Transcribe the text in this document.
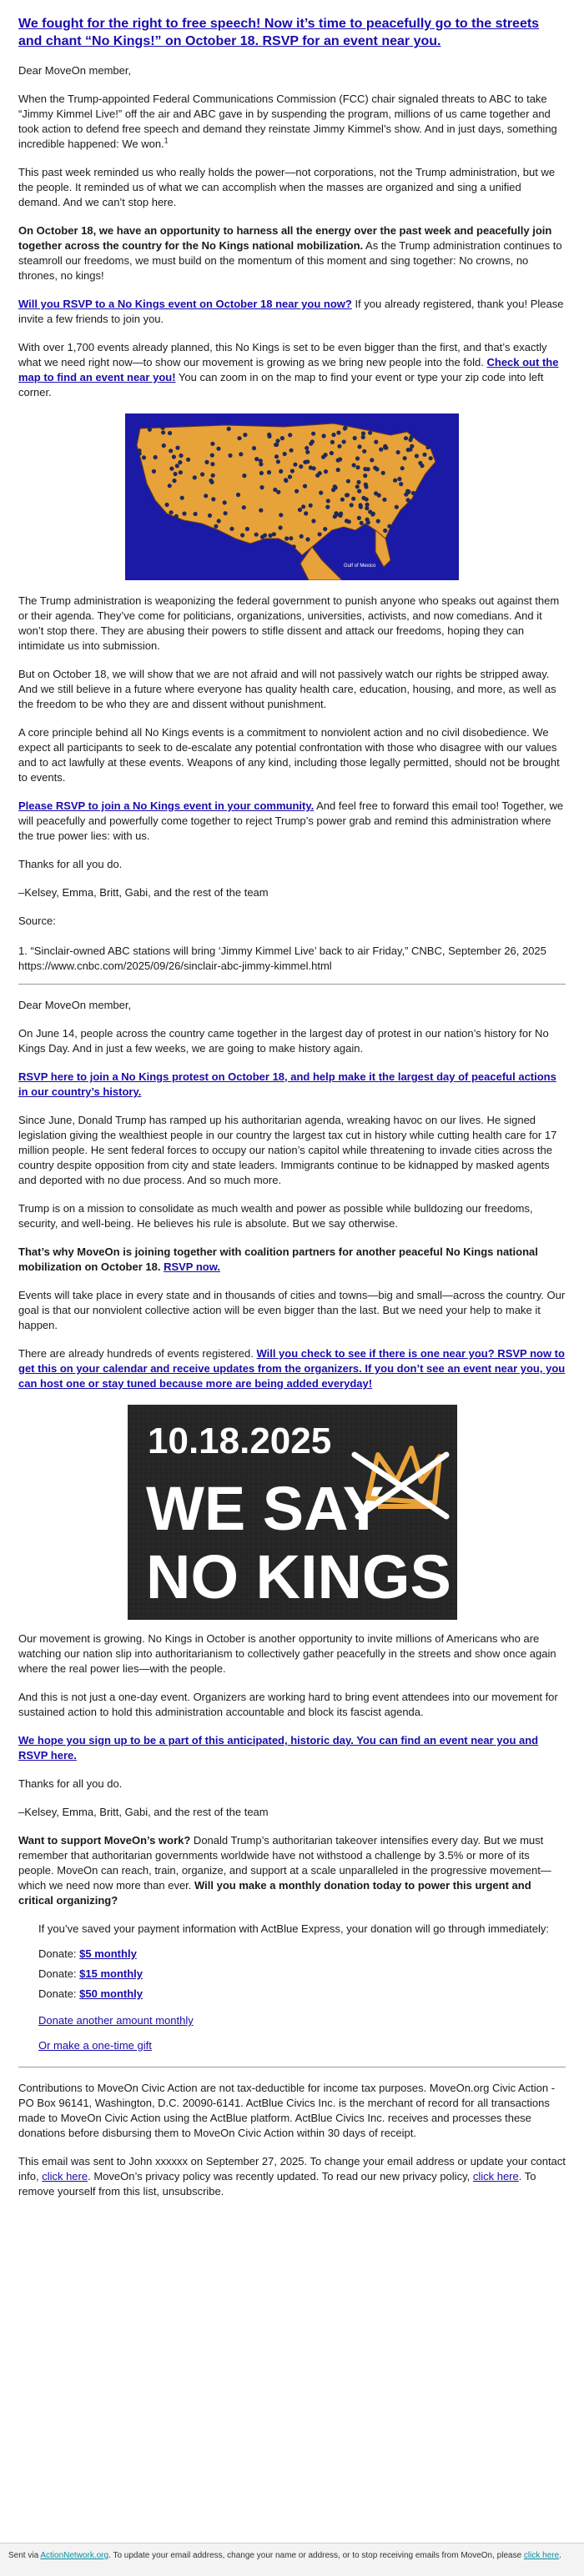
We fought for the right to free speech! Now it’s time to peacefully go to the streets and chant “No Kings!” on October 18. RSVP for an event near you.

Dear MoveOn member,

When the Trump-appointed Federal Communications Commission (FCC) chair signaled threats to ABC to take “Jimmy Kimmel Live!” off the air and ABC gave in by suspending the program, millions of us came together and took action to defend free speech and demand they reinstate Jimmy Kimmel’s show. And in just days, something incredible happened: We won.$^1$

This past week reminded us who really holds the power—not corporations, not the Trump administration, but we the people. It reminded us of what we can accomplish when the masses are organized and sing a unified demand. And we can’t stop here.

On October 18, we have an opportunity to harness all the energy over the past week and peacefully join together across the country for the No Kings national mobilization. As the Trump administration continues to steamroll our freedoms, we must build on the momentum of this moment and sing together: No crowns, no thrones, no kings!

Will you RSVP to a No Kings event on October 18 near you now? If you already registered, thank you! Please invite a few friends to join you.

With over 1,700 events already planned, this No Kings is set to be even bigger than the first, and that’s exactly what we need right now—to show our movement is growing as we bring new people into the fold. Check out the map to find an event near you! You can zoom in on the map to find your event or type your zip code into left corner.

Gulf of Mexico

The Trump administration is weaponizing the federal government to punish anyone who speaks out against them or their agenda. They’ve come for politicians, organizations, universities, activists, and now comedians. And it won’t stop there. They are abusing their powers to stifle dissent and attack our freedoms, hoping they can intimidate us into submission.

But on October 18, we will show that we are not afraid and will not passively watch our rights be stripped away. And we still believe in a future where everyone has quality health care, education, housing, and more, as well as the freedom to be who they are and dissent without punishment.

A core principle behind all No Kings events is a commitment to nonviolent action and no civil disobedience. We expect all participants to seek to de-escalate any potential confrontation with those who disagree with our values and to act lawfully at these events. Weapons of any kind, including those legally permitted, should not be brought to events.

Please RSVP to join a No Kings event in your community. And feel free to forward this email too! Together, we will peacefully and powerfully come together to reject Trump’s power grab and remind this administration where the true power lies: with us.

Thanks for all you do.

–Kelsey, Emma, Britt, Gabi, and the rest of the team

Source:

1. “Sinclair-owned ABC stations will bring ‘Jimmy Kimmel Live’ back to air Friday,” CNBC, September 26, 2025
https://www.cnbc.com/2025/09/26/sinclair-abc-jimmy-kimmel.html

Dear MoveOn member,

On June 14, people across the country came together in the largest day of protest in our nation’s history for No Kings Day. And in just a few weeks, we are going to make history again.

RSVP here to join a No Kings protest on October 18, and help make it the largest day of peaceful actions in our country’s history.

Since June, Donald Trump has ramped up his authoritarian agenda, wreaking havoc on our lives. He signed legislation giving the wealthiest people in our country the largest tax cut in history while cutting health care for 17 million people. He sent federal forces to occupy our nation’s capitol while threatening to invade cities across the country despite opposition from city and state leaders. Immigrants continue to be kidnapped by masked agents and deported with no due process. And so much more.

Trump is on a mission to consolidate as much wealth and power as possible while bulldozing our freedoms, security, and well-being. He believes his rule is absolute. But we say otherwise.

That’s why MoveOn is joining together with coalition partners for another peaceful No Kings national mobilization on October 18. RSVP now.

Events will take place in every state and in thousands of cities and towns—big and small—across the country. Our goal is that our nonviolent collective action will be even bigger than the last. But we need your help to make it happen.

There are already hundreds of events registered. Will you check to see if there is one near you? RSVP now to get this on your calendar and receive updates from the organizers. If you don’t see an event near you, you can host one or stay tuned because more are being added everyday!

10.18.2025
WE SAY
NO KINGS

Our movement is growing. No Kings in October is another opportunity to invite millions of Americans who are watching our nation slip into authoritarianism to collectively gather peacefully in the streets and show once again where the real power lies—with the people.

And this is not just a one-day event. Organizers are working hard to bring event attendees into our movement for sustained action to hold this administration accountable and block its fascist agenda.

We hope you sign up to be a part of this anticipated, historic day. You can find an event near you and RSVP here.

Thanks for all you do.

–Kelsey, Emma, Britt, Gabi, and the rest of the team

Want to support MoveOn’s work? Donald Trump’s authoritarian takeover intensifies every day. But we must remember that authoritarian governments worldwide have not withstood a challenge by 3.5% or more of its people. MoveOn can reach, train, organize, and support at a scale unparalleled in the progressive movement—which we need now more than ever. Will you make a monthly donation today to power this urgent and critical organizing?

If you’ve saved your payment information with ActBlue Express, your donation will go through immediately:

Donate: $5 monthly
Donate: $15 monthly
Donate: $50 monthly

Donate another amount monthly

Or make a one-time gift

Contributions to MoveOn Civic Action are not tax-deductible for income tax purposes. MoveOn.org Civic Action - PO Box 96141, Washington, D.C. 20090-6141. ActBlue Civics Inc. is the merchant of record for all transactions made to MoveOn Civic Action using the ActBlue platform. ActBlue Civics Inc. receives and processes these donations before disbursing them to MoveOn Civic Action within 30 days of receipt.

This email was sent to John xxxxxx on September 27, 2025. To change your email address or update your contact info, click here. MoveOn’s privacy policy was recently updated. To read our new privacy policy, click here. To remove yourself from this list, unsubscribe.

Sent via ActionNetwork.org. To update your email address, change your name or address, or to stop receiving emails from MoveOn, please click here.
